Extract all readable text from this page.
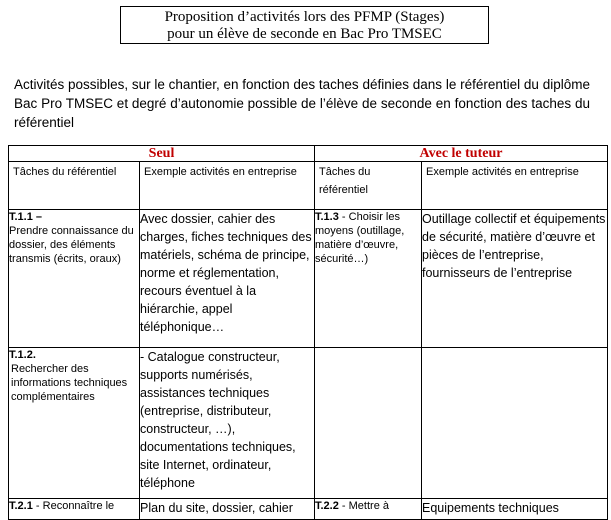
Proposition d’activités lors des PFMP (Stages)
pour un élève de seconde en Bac Pro TMSEC
Activités possibles, sur le chantier, en fonction des taches définies dans le référentiel du diplôme Bac Pro TMSEC et degré d’autonomie possible de l’élève de seconde en fonction des taches du référentiel
Seul		Avec le tuteur	
Tâches du référentiel	Exemple activités en entreprise	Tâches du référentiel	Exemple activités en entreprise

T.1.1 –
Prendre connaissance du dossier, des éléments transmis (écrits, oraux)	Avec dossier, cahier des charges, fiches techniques des matériels, schéma de principe, norme et réglementation, recours éventuel à la hiérarchie, appel téléphonique…	T.1.3 - Choisir les moyens (outillage, matière d’œuvre, sécurité…)	Outillage collectif et équipements de sécurité, matière d’œuvre et pièces de l’entreprise, fournisseurs de l’entreprise

T.1.2.
Rechercher des informations techniques complémentaires	- Catalogue constructeur, supports numérisés, assistances techniques (entreprise, distributeur, constructeur, …), documentations techniques, site Internet, ordinateur, téléphone		
T.2.1 - Reconnaître le	Plan du site, dossier, cahier	T.2.2 - Mettre à	Equipements techniques
